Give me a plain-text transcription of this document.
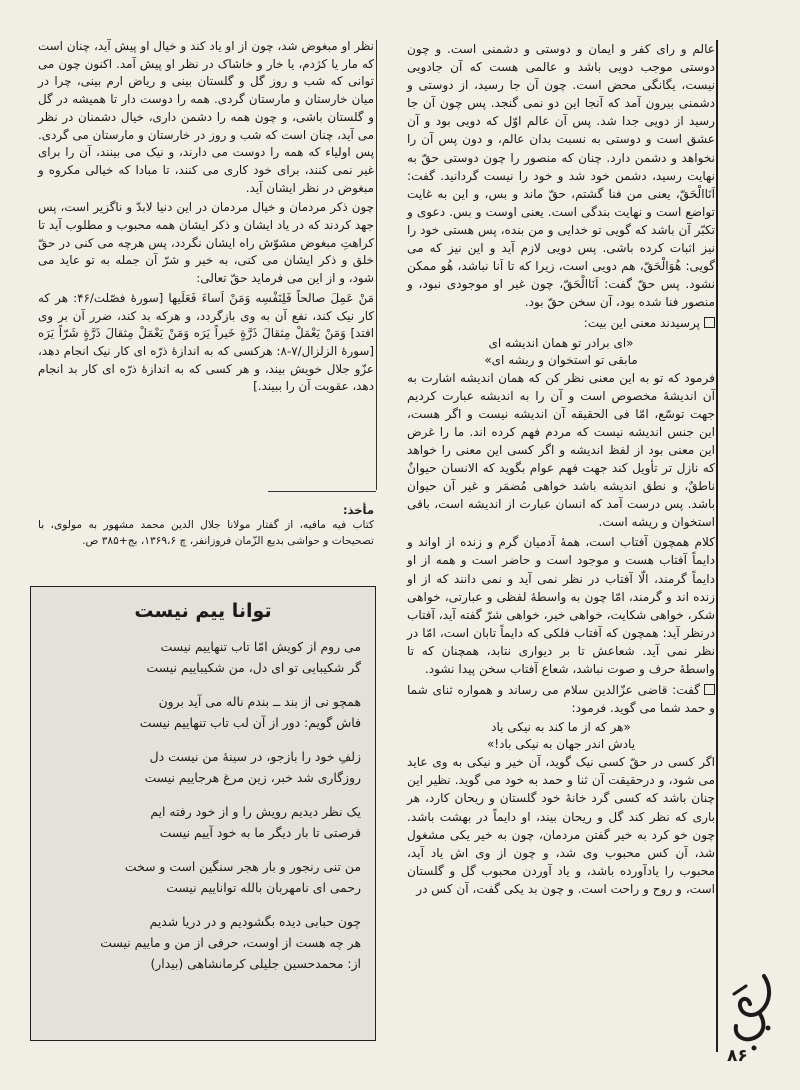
عالم و رای کفر و ایمان و دوستی و دشمنی است. و چون دوستی موجب دویی باشد و عالمی هست که آن جادویی نیست، یگانگی محض است. چون آن جا رسید، از دوستی و دشمنی بیرون آمد که آنجا این دو نمی گنجد. پس چون آن جا رسید از دویی جدا شد. پس آن عالم اوّل که دویی بود و آن عشق است و دوستی به نسبت بدان عالم، و دون پس آن را نخواهد و دشمن دارد. چنان که منصور را چون دوستی حقّ به نهایت رسید، دشمن خود شد و خود را نیست گردانید. گفت: اَنَاالْحَقّ، یعنی من فنا گشتم، حقّ ماند و بس، و این به غایت تواضع است و نهایت بندگی است. یعنی اوست و بس. دعوی و تکبّر آن باشد که گویی تو خدایی و من بنده، پس هستی خود را نیز اثبات کرده باشی. پس دویی لازم آید و این نیز که می گویی: هُوَالْحَقّ، هم دویی است، زیرا که تا اَنا نباشد، هُو ممکن نشود. پس حقّ گفت: اَنَاالْحَقّ، چون غیر او موجودی نبود، و منصور فنا شده بود، آن سخن حقّ بود.

پرسیدند معنی این بیت:

«ای برادر تو همان اندیشه ای

مابقی تو استخوان و ریشه ای»

فرمود که تو به این معنی نظر کن که همان اندیشه اشارت به آن اندیشهٔ مخصوص است و آن را به اندیشه عبارت کردیم جهت توسّع، امّا فی الحقیقه آن اندیشه نیست و اگر هست، این جنس اندیشه نیست که مردم فهم کرده اند. ما را غرض این معنی بود از لفظ اندیشه و اگر کسی این معنی را خواهد که نازل تر تأویل کند جهت فهم عوام بگوید که الانسان حیوانٌ ناطقٌ، و نطق اندیشه باشد خواهی مُضمَر و غیر آن حیوان باشد. پس درست آمد که انسان عبارت از اندیشه است، باقی استخوان و ریشه است.

کلام همچون آفتاب است، همهٔ آدمیان گرم و زنده از اواند و دایماً آفتاب هست و موجود است و حاضر است و همه از او دایماً گرمند، الّا آفتاب در نظر نمی آید و نمی دانند که از او زنده اند و گرمند، امّا چون به واسطهٔ لفظی و عبارتی، خواهی شکر، خواهی شکایت، خواهی خیر، خواهی شرّ گفته آید، آفتاب درنظر آید: همچون که آفتاب فلکی که دایماً تابان است، امّا در نظر نمی آید. شعاعش تا بر دیواری نتابد، همچنان که تا واسطهٔ حرف و صوت نباشد، شعاع آفتاب سخن پیدا نشود.

گفت: قاضی عزّالدین سلام می رساند و همواره ثنای شما و حمد شما می گوید. فرمود:

«هر که از ما کند به نیکی یاد

یادش اندر جهان به نیکی باد!»

اگر کسی در حقّ کسی نیک گوید، آن خیر و نیکی به وی عاید می شود، و درحقیقت آن ثنا و حمد به خود می گوید. نظیر این چنان باشد که کسی گرد خانهٔ خود گلستان و ریحان کارد، هر باری که نظر کند گل و ریحان بیند، او دایماً در بهشت باشد. چون خو کرد به خیر گفتن مردمان، چون به خیر یکی مشغول شد، آن کس محبوب وی شد، و چون از وی اش یاد آید، محبوب را یادآورده باشد، و یاد آوردن محبوب گل و گلستان است، و روح و راحت است. و چون بد یکی گفت، آن کس در

نظر او مبغوض شد، چون از او یاد کند و خیال او پیش آید، چنان است که مار یا کژدم، یا خار و خاشاک در نظر او پیش آمد. اکنون چون می توانی که شب و روز گل و گلستان بینی و ریاض ارم بینی، چرا در میان خارستان و مارستان گردی. همه را دوست دار تا همیشه در گل و گلستان باشی، و چون همه را دشمن داری، خیال دشمنان در نظر می آید، چنان است که شب و روز در خارستان و مارستان می گردی. پس اولیاء که همه را دوست می دارند، و نیک می بینند، آن را برای غیر نمی کنند، برای خود کاری می کنند، تا مبادا که خیالی مکروه و مبغوض در نظر ایشان آید.

چون ذکر مردمان و خیال مردمان در این دنیا لابدّ و ناگزیر است، پس جهد کردند که در یاد ایشان و ذکر ایشان همه محبوب و مطلوب آید تا کراهتِ مبغوض مشوّش راه ایشان نگردد، پس هرچه می کنی در حقّ خلق و ذکر ایشان می کنی، به خیر و شرّ آن جمله به تو عاید می شود، و از این می فرماید حقّ تعالی:

مَنْ عَمِلَ صالحاً فَلِنَفْسِه وَمَنْ اَساءَ فَعَلَیها [سورهٔ فصّلت/۴۶: هر که کار نیک کند، نفع آن به وی بازگردد، و هرکه بد کند، ضرر آن بر وی افتد] وَمَنْ یَعْمَلْ مِثقالَ ذَرَّةٍ خَیراً یَرَه وَمَنْ یَعْمَلْ مِثقالَ ذَرَّةٍ شَرّاً یَرَه [سورهٔ الزلزال/۷-۸: هرکسی که به اندازهٔ ذرّه ای کار نیک انجام دهد، عزّو جلال خویش بیند، و هر کسی که به اندازهٔ ذرّه ای کار بد انجام دهد، عقوبت آن را ببیند.]

مأخذ:

کتاب فیه مافیه، از گفتار مولانا جلال الدین محمد مشهور به مولوی، با تصحیحات و حواشی بدیع الزّمان فروزانفر، چ ۱۳۶۹،۶، بج+۳۸۵ ص.

توانا ییم نیست
می روم از کویش امّا تاب تنهاییم نیست
گر شکیبایی تو ای دل، من شکیباییم نیست
همچو نی از بند ــ بندم ناله می آید برون
فاش گویم: دور از آن لب تاب تنهاییم نیست
زلفِ خود را بازجو، در سینهٔ من نیست دل
روزگاری شد خبر، زین مرغ هرجاییم نیست
یک نظر دیدیم رویش را و از خود رفته ایم
فرصتی تا بار دیگر ما به خود آییم نیست
من تنی رنجور و بار هجر سنگین است و سخت
رحمی ای نامهربان بالله تواناییم نیست
چون حبابی دیده بگشودیم و در دریا شدیم
هر چه هست از اوست، حرفی از من و ماییم نیست
از: محمدحسین جلیلی کرمانشاهی (بیدار)
۸۶
